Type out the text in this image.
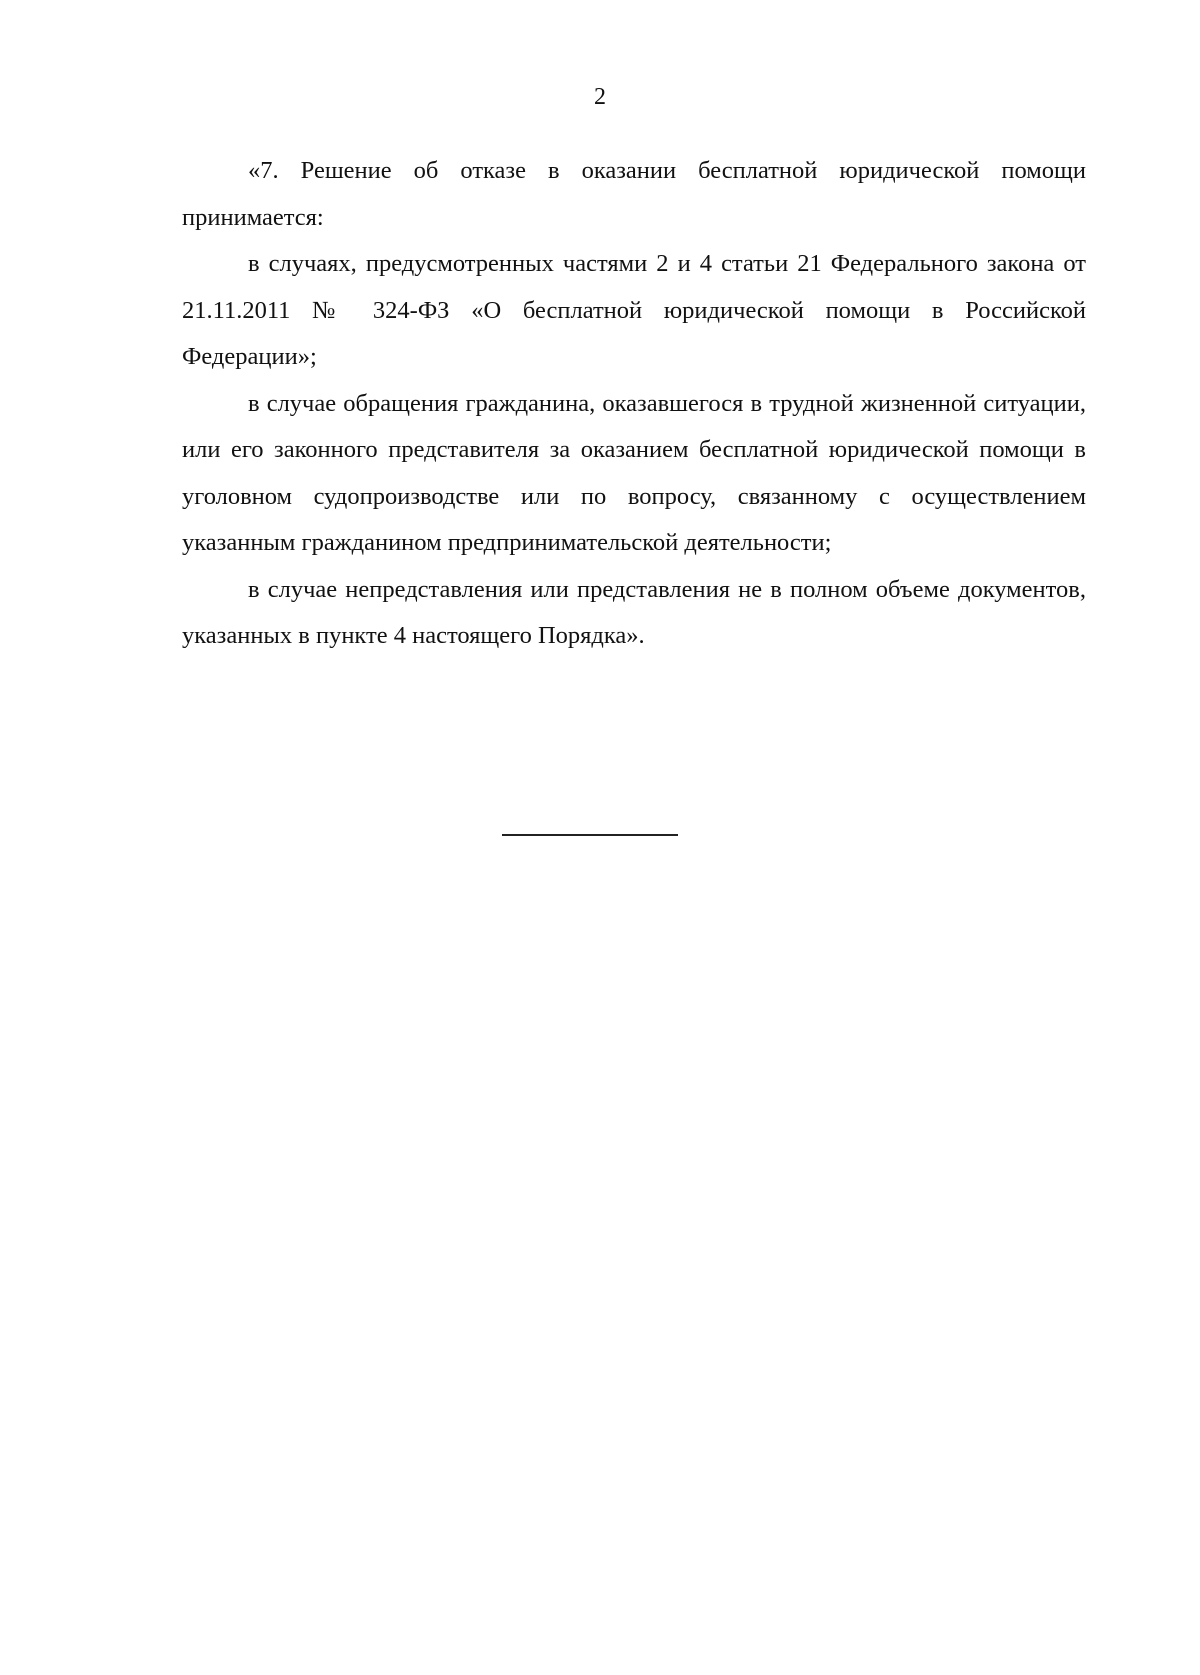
2

«7. Решение об отказе в оказании бесплатной юридической помощи принимается:

в случаях, предусмотренных частями 2 и 4 статьи 21 Федерального закона от 21.11.2011 № 324-ФЗ «О бесплатной юридической помощи в Российской Федерации»;

в случае обращения гражданина, оказавшегося в трудной жизненной ситуации, или его законного представителя за оказанием бесплатной юридической помощи в уголовном судопроизводстве или по вопросу, связанному с осуществлением указанным гражданином предпринимательской деятельности;

в случае непредставления или представления не в полном объеме документов, указанных в пункте 4 настоящего Порядка».
